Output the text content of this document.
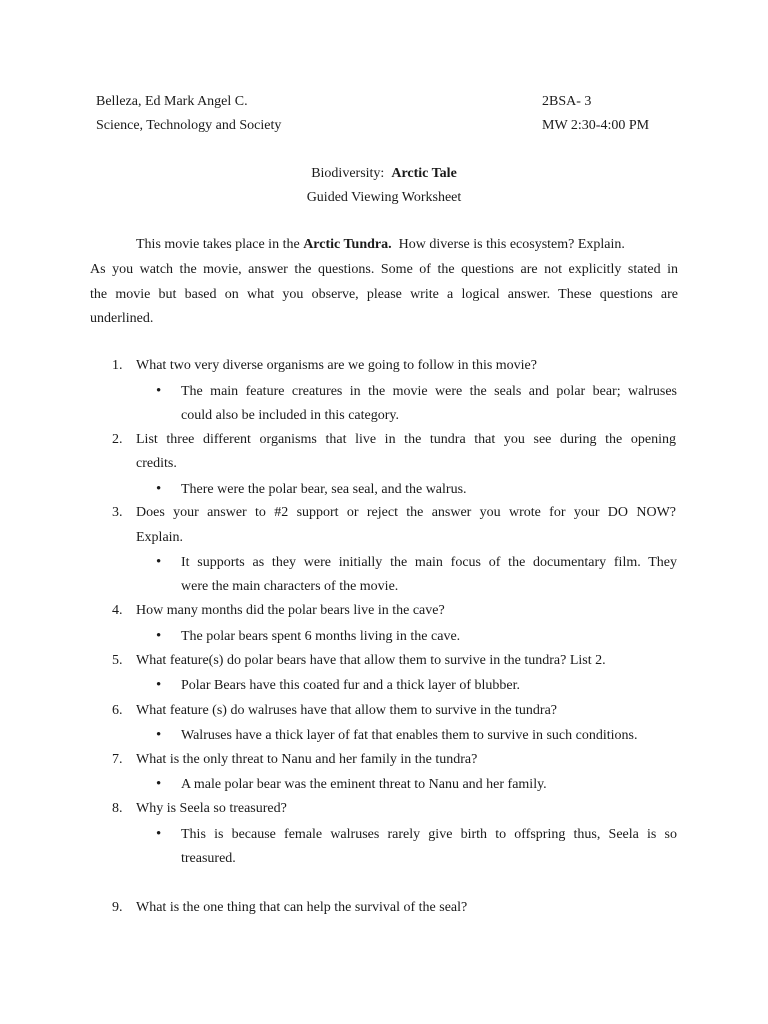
Belleza, Ed Mark Angel C.	2BSA- 3
Science, Technology and Society	MW 2:30-4:00 PM
Biodiversity: Arctic Tale
Guided Viewing Worksheet
This movie takes place in the Arctic Tundra. How diverse is this ecosystem? Explain.
As you watch the movie, answer the questions. Some of the questions are not explicitly stated in
the movie but based on what you observe, please write a logical answer. These questions are
underlined.
1. What two very diverse organisms are we going to follow in this movie?
• The main feature creatures in the movie were the seals and polar bear; walruses
could also be included in this category.
2. List three different organisms that live in the tundra that you see during the opening
credits.
• There were the polar bear, sea seal, and the walrus.
3. Does your answer to #2 support or reject the answer you wrote for your DO NOW?
Explain.
• It supports as they were initially the main focus of the documentary film. They
were the main characters of the movie.
4. How many months did the polar bears live in the cave?
• The polar bears spent 6 months living in the cave.
5. What feature(s) do polar bears have that allow them to survive in the tundra? List 2.
• Polar Bears have this coated fur and a thick layer of blubber.
6. What feature (s) do walruses have that allow them to survive in the tundra?
• Walruses have a thick layer of fat that enables them to survive in such conditions.
7. What is the only threat to Nanu and her family in the tundra?
• A male polar bear was the eminent threat to Nanu and her family.
8. Why is Seela so treasured?
• This is because female walruses rarely give birth to offspring thus, Seela is so
treasured.
9. What is the one thing that can help the survival of the seal?
